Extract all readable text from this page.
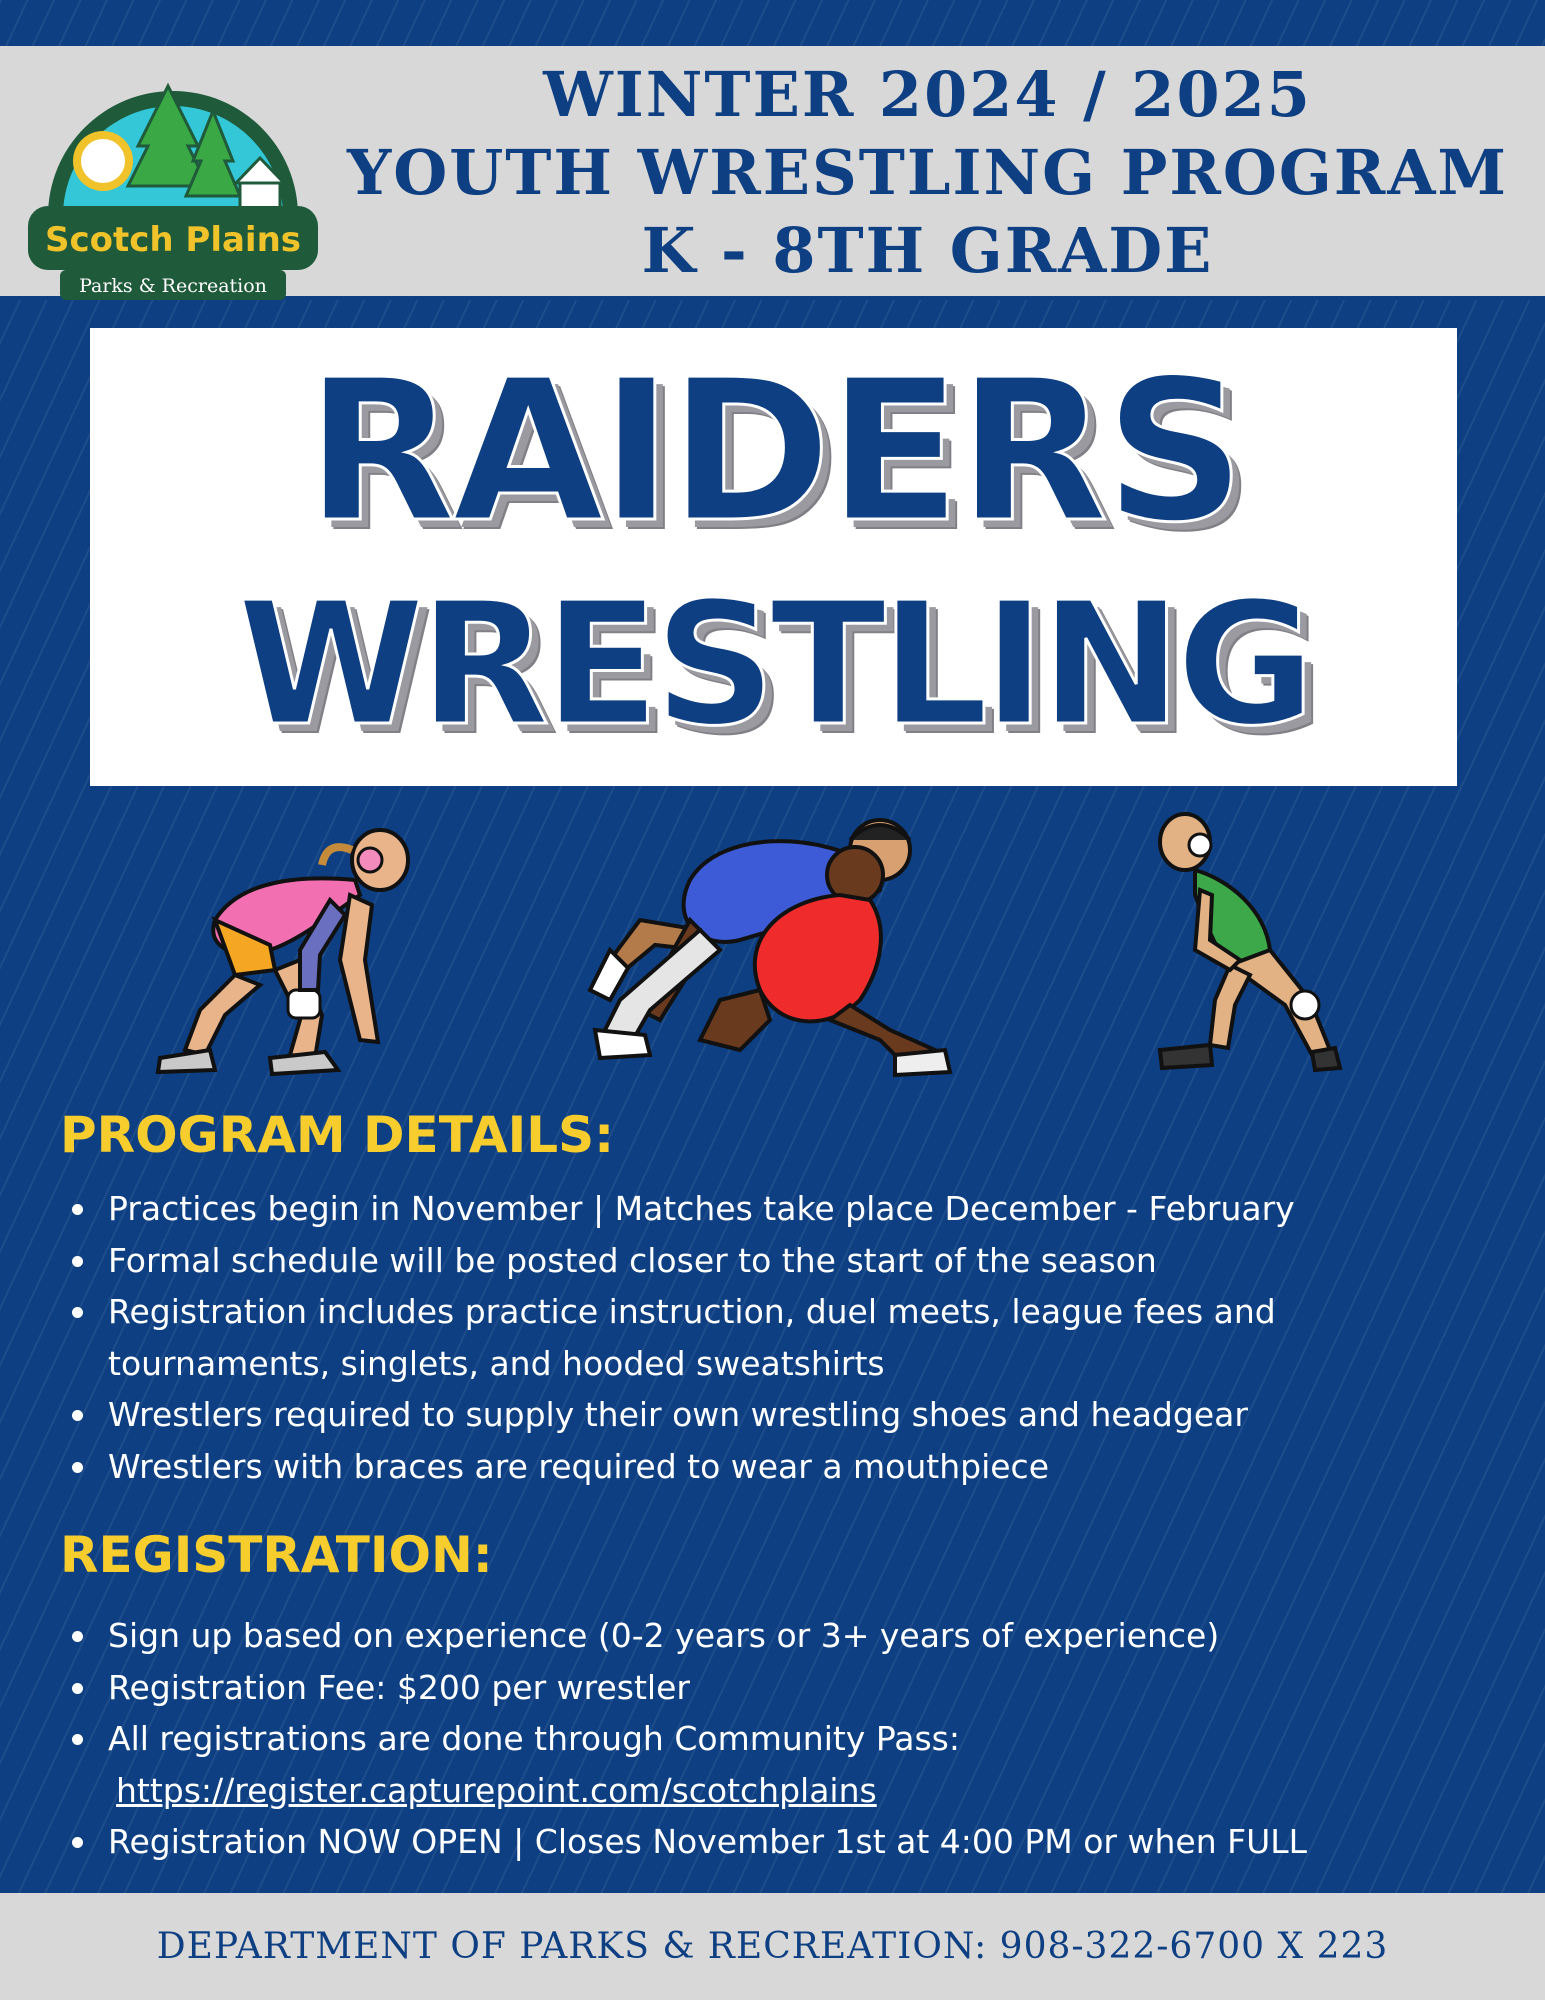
Scotch Plains
Parks & Recreation
WINTER 2024 / 2025
YOUTH WRESTLING PROGRAM
K - 8TH GRADE
RAIDERS
WRESTLING
PROGRAM DETAILS:
Practices begin in November | Matches take place December - February
Formal schedule will be posted closer to the start of the season
Registration includes practice instruction, duel meets, league fees and
tournaments, singlets, and hooded sweatshirts
Wrestlers required to supply their own wrestling shoes and headgear
Wrestlers with braces are required to wear a mouthpiece
REGISTRATION:
Sign up based on experience (0-2 years or 3+ years of experience)
Registration Fee: $200 per wrestler
All registrations are done through Community Pass:
https://register.capturepoint.com/scotchplains
Registration NOW OPEN | Closes November 1st at 4:00 PM or when FULL
DEPARTMENT OF PARKS & RECREATION: 908-322-6700 X 223
